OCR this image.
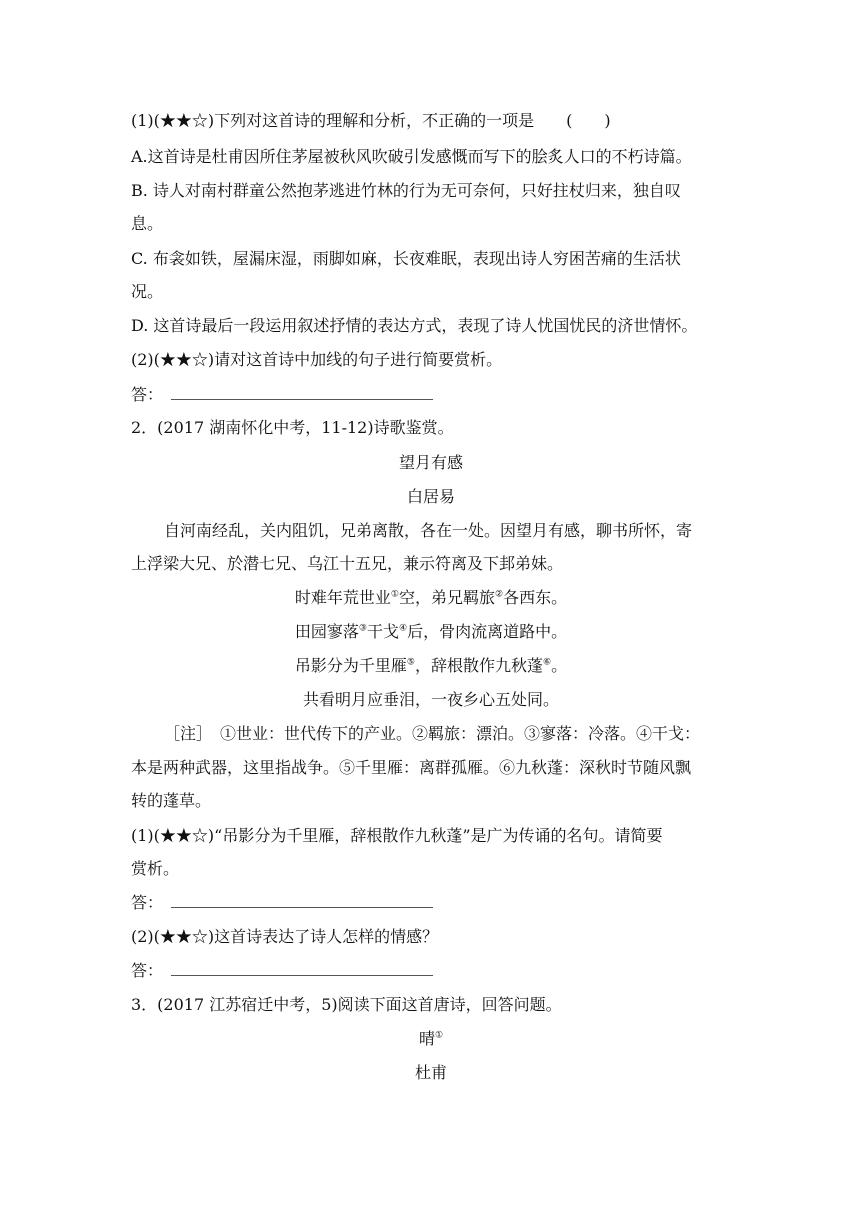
(1)(★★☆)下列对这首诗的理解和分析，不正确的一项是　　(　　)
A.这首诗是杜甫因所住茅屋被秋风吹破引发感慨而写下的脍炙人口的不朽诗篇。
B. 诗人对南村群童公然抱茅逃进竹林的行为无可奈何，只好拄杖归来，独自叹
息。
C. 布衾如铁，屋漏床湿，雨脚如麻，长夜难眠，表现出诗人穷困苦痛的生活状
况。
D. 这首诗最后一段运用叙述抒情的表达方式，表现了诗人忧国忧民的济世情怀。
(2)(★★☆)请对这首诗中加线的句子进行简要赏析。
答：
2．(2017 湖南怀化中考，11-12)诗歌鉴赏。
望月有感
白居易
自河南经乱，关内阻饥，兄弟离散，各在一处。因望月有感，聊书所怀，寄
上浮梁大兄、於潜七兄、乌江十五兄，兼示符离及下邽弟妹。
时难年荒世业①空，弟兄羁旅②各西东。
田园寥落③干戈④后，骨肉流离道路中。
吊影分为千里雁⑤，辞根散作九秋蓬⑥。
共看明月应垂泪，一夜乡心五处同。
［注］　①世业：世代传下的产业。②羁旅：漂泊。③寥落：冷落。④干戈：
本是两种武器，这里指战争。⑤千里雁：离群孤雁。⑥九秋蓬：深秋时节随风飘
转的蓬草。
(1)(★★☆)“吊影分为千里雁，辞根散作九秋蓬”是广为传诵的名句。请简要
赏析。
答：
(2)(★★☆)这首诗表达了诗人怎样的情感？
答：
3．(2017 江苏宿迁中考，5)阅读下面这首唐诗，回答问题。
晴①
杜甫
